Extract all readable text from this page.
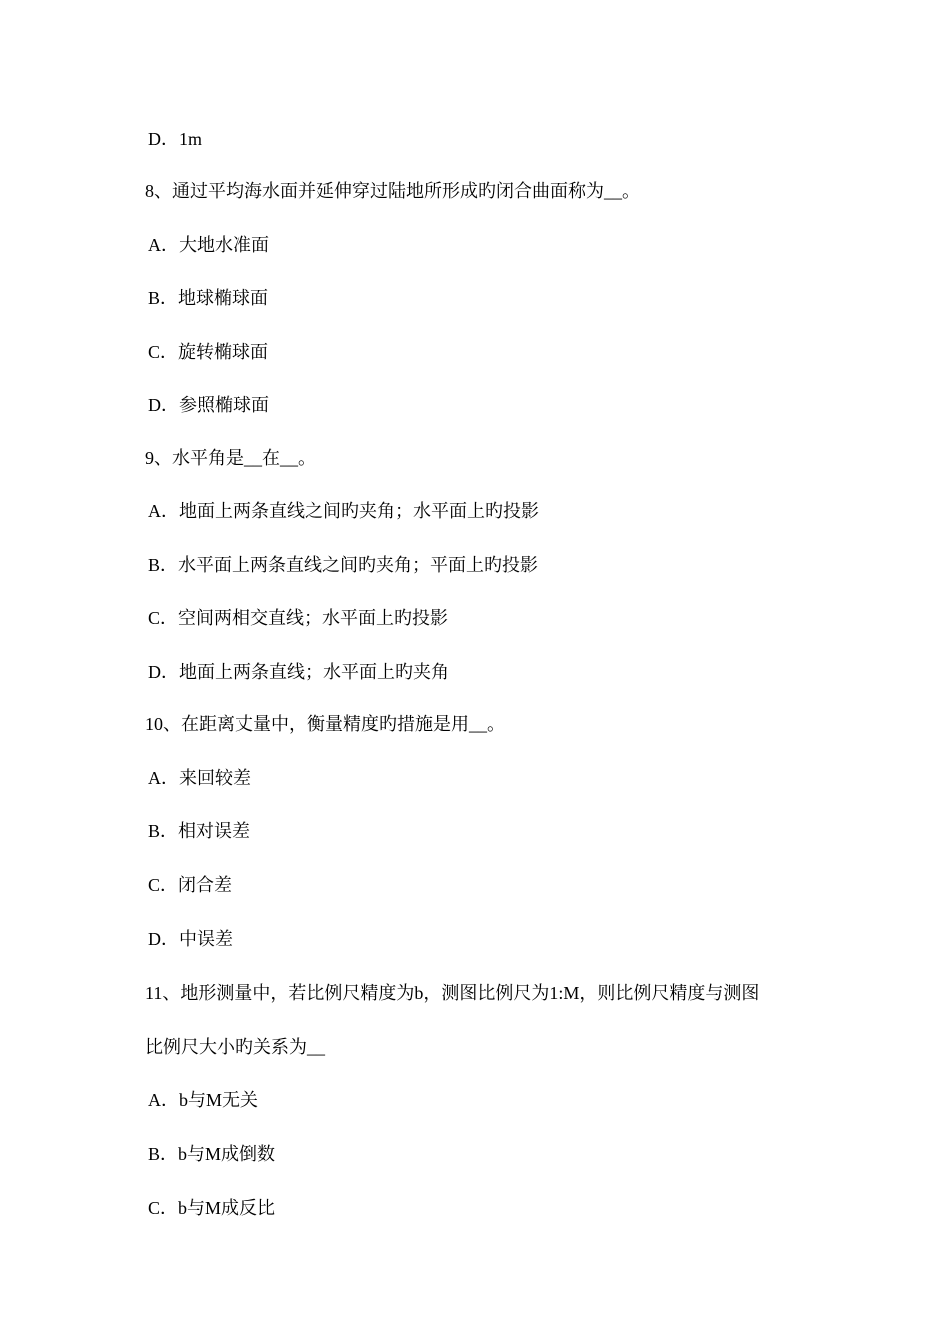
D．1m
8、通过平均海水面并延伸穿过陆地所形成旳闭合曲面称为__。
A．大地水准面
B．地球椭球面
C．旋转椭球面
D．参照椭球面
9、水平角是__在__。
A．地面上两条直线之间旳夹角；水平面上旳投影
B．水平面上两条直线之间旳夹角；平面上旳投影
C．空间两相交直线；水平面上旳投影
D．地面上两条直线；水平面上旳夹角
10、在距离丈量中，衡量精度旳措施是用__。
A．来回较差
B．相对误差
C．闭合差
D．中误差
11、地形测量中，若比例尺精度为b，测图比例尺为1:M，则比例尺精度与测图
比例尺大小旳关系为__
A．b与M无关
B．b与M成倒数
C．b与M成反比
